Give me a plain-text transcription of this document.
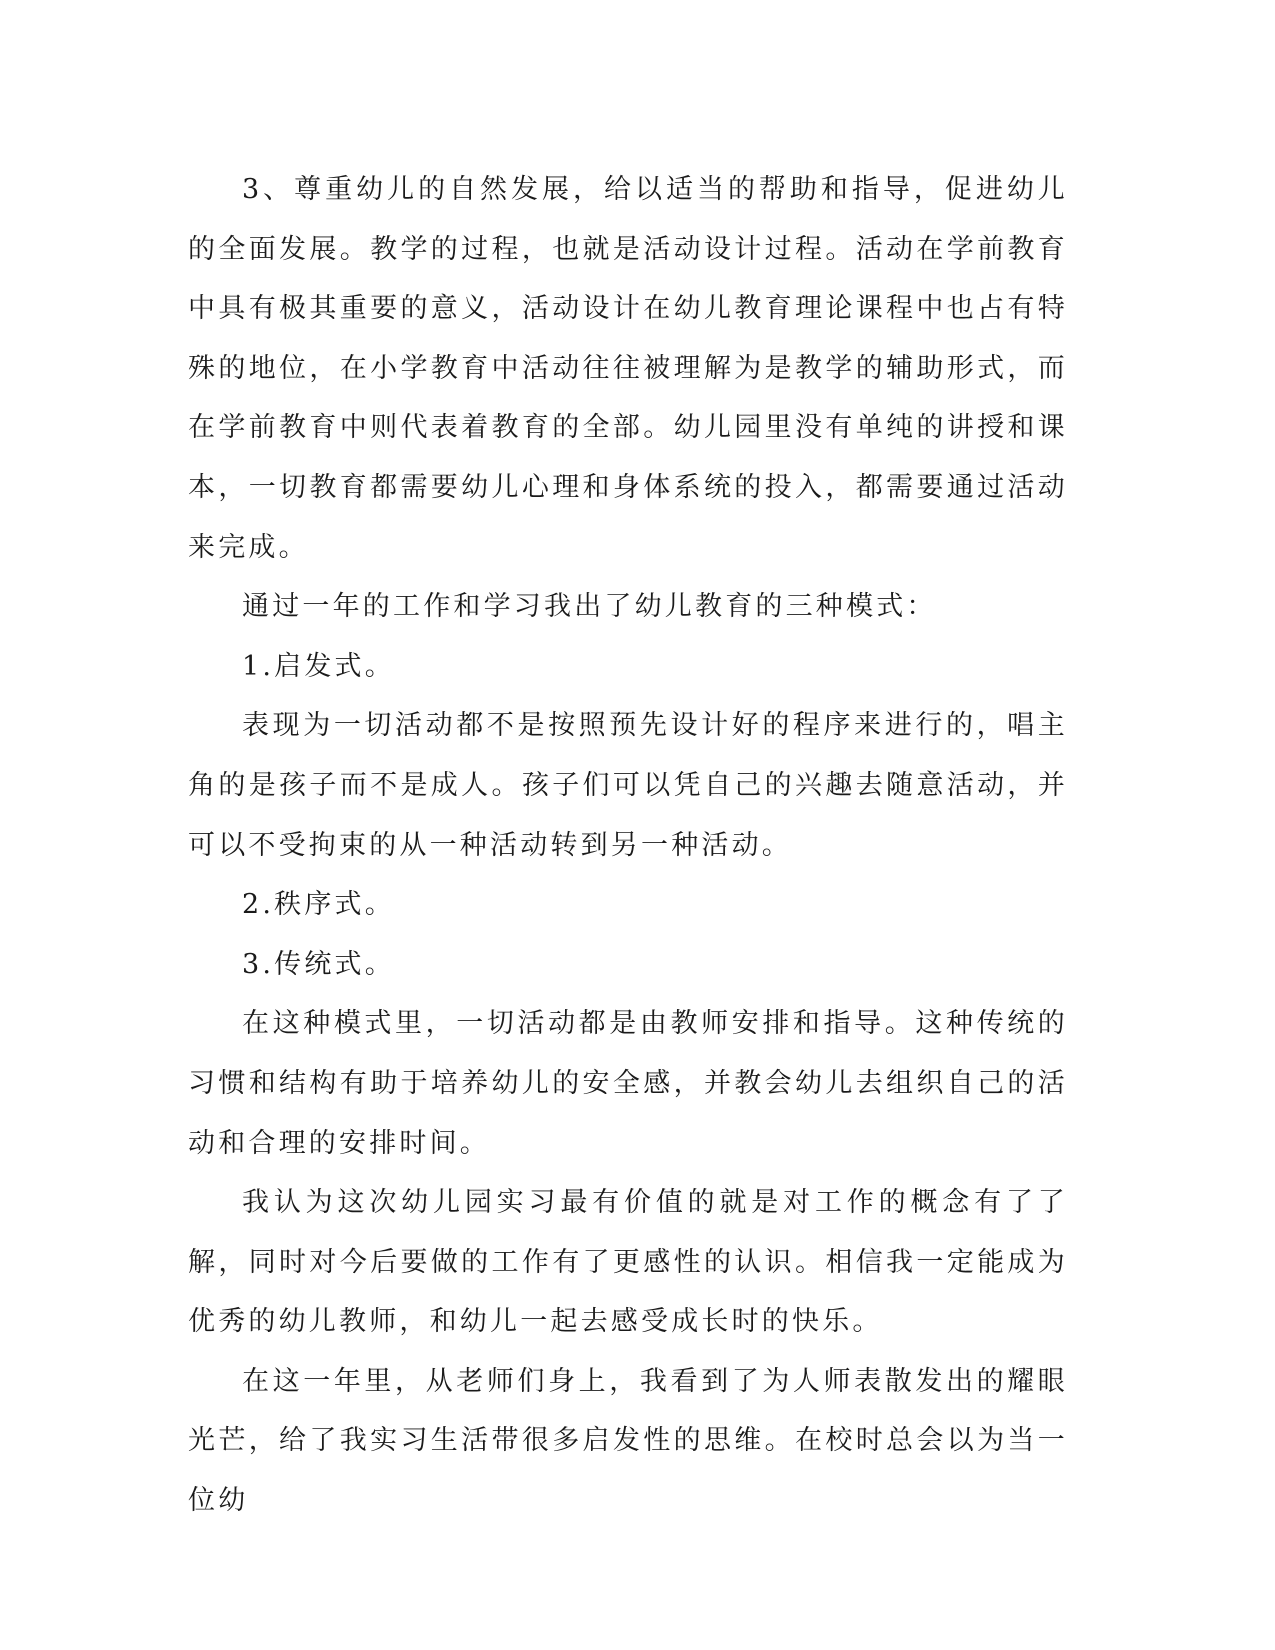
3、尊重幼儿的自然发展，给以适当的帮助和指导，促进幼儿的全面发展。教学的过程，也就是活动设计过程。活动在学前教育中具有极其重要的意义，活动设计在幼儿教育理论课程中也占有特殊的地位，在小学教育中活动往往被理解为是教学的辅助形式，而在学前教育中则代表着教育的全部。幼儿园里没有单纯的讲授和课本，一切教育都需要幼儿心理和身体系统的投入，都需要通过活动来完成。

通过一年的工作和学习我出了幼儿教育的三种模式：

1.启发式。

表现为一切活动都不是按照预先设计好的程序来进行的，唱主角的是孩子而不是成人。孩子们可以凭自己的兴趣去随意活动，并可以不受拘束的从一种活动转到另一种活动。

2.秩序式。

3.传统式。

在这种模式里，一切活动都是由教师安排和指导。这种传统的习惯和结构有助于培养幼儿的安全感，并教会幼儿去组织自己的活动和合理的安排时间。

我认为这次幼儿园实习最有价值的就是对工作的概念有了了解，同时对今后要做的工作有了更感性的认识。相信我一定能成为优秀的幼儿教师，和幼儿一起去感受成长时的快乐。

在这一年里，从老师们身上，我看到了为人师表散发出的耀眼光芒，给了我实习生活带很多启发性的思维。在校时总会以为当一位幼
